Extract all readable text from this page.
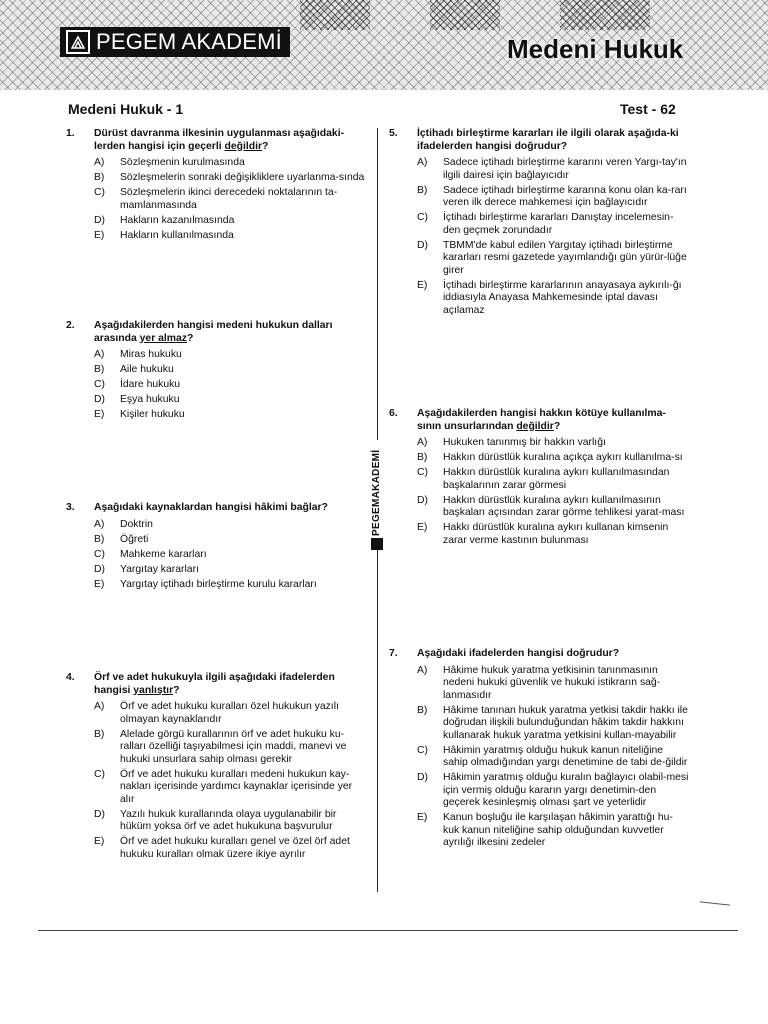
PEGEM AKADEMİ	Medeni Hukuk
Medeni Hukuk - 1	Test - 62
PEGEMAKADEMİ
1.	Dürüst davranma ilkesinin uygulanması aşağıdaki-lerden hangisi için geçerli değildir?
A)	Sözleşmenin kurulmasında
B)	Sözleşmelerin sonraki değişikliklere uyarlanma-sında
C)	Sözleşmelerin ikinci derecedeki noktalarının ta-mamlanmasında
D)	Hakların kazanılmasında
E)	Hakların kullanılmasında
2.	Aşağıdakilerden hangisi medeni hukukun dalları arasında yer almaz?
A)	Miras hukuku
B)	Aile hukuku
C)	İdare hukuku
D)	Eşya hukuku
E)	Kişiler hukuku
3.	Aşağıdaki kaynaklardan hangisi hâkimi bağlar?
A)	Doktrin
B)	Öğreti
C)	Mahkeme kararları
D)	Yargıtay kararları
E)	Yargıtay içtihadı birleştirme kurulu kararları
4.	Örf ve adet hukukuyla ilgili aşağıdaki ifadelerden hangisi yanlıştır?
A)	Örf ve adet hukuku kuralları özel hukukun yazılı olmayan kaynaklarıdır
B)	Alelade görgü kurallarının örf ve adet hukuku ku-ralları özelliği taşıyabilmesi için maddi, manevi ve hukuki unsurlara sahip olması gerekir
C)	Örf ve adet hukuku kuralları medeni hukukun kay-nakları içerisinde yardımcı kaynaklar içerisinde yer alır
D)	Yazılı hukuk kurallarında olaya uygulanabilir bir hüküm yoksa örf ve adet hukukuna başvurulur
E)	Örf ve adet hukuku kuralları genel ve özel örf adet hukuku kuralları olmak üzere ikiye ayrılır
5.	İçtihadı birleştirme kararları ile ilgili olarak aşağıda-ki ifadelerden hangisi doğrudur?
A)	Sadece içtihadı birleştirme kararını veren Yargı-tay'ın ilgili dairesi için bağlayıcıdır
B)	Sadece içtihadı birleştirme kararına konu olan ka-rarı veren ilk derece mahkemesi için bağlayıcıdır
C)	İçtihadı birleştirme kararları Danıştay incelemesin-den geçmek zorundadır
D)	TBMM'de kabul edilen Yargıtay içtihadı birleştirme kararları resmi gazetede yayımlandığı gün yürür-lüğe girer
E)	İçtihadı birleştirme kararlarının anayasaya aykırılı-ğı iddiasıyla Anayasa Mahkemesinde iptal davası açılamaz
6.	Aşağıdakilerden hangisi hakkın kötüye kullanılma-sının unsurlarından değildir?
A)	Hukuken tanınmış bir hakkın varlığı
B)	Hakkın dürüstlük kuralına açıkça aykırı kullanılma-sı
C)	Hakkın dürüstlük kuralına aykırı kullanılmasından başkalarının zarar görmesi
D)	Hakkın dürüstlük kuralına aykırı kullanılmasının başkaları açısından zarar görme tehlikesi yarat-ması
E)	Hakkı dürüstlük kuralına aykırı kullanan kimsenin zarar verme kastının bulunması
7.	Aşağıdaki ifadelerden hangisi doğrudur?
A)	Hâkime hukuk yaratma yetkisinin tanınmasının nedeni hukuki güvenlik ve hukuki istikrarın sağ-lanmasıdır
B)	Hâkime tanınan hukuk yaratma yetkisi takdir hakkı ile doğrudan ilişkili bulunduğundan hâkim takdir hakkını kullanarak hukuk yaratma yetkisini kullan-mayabilir
C)	Hâkimin yaratmış olduğu hukuk kanun niteliğine sahip olmadığından yargı denetimine de tabi de-ğildir
D)	Hâkimin yaratmış olduğu kuralın bağlayıcı olabil-mesi için vermiş olduğu kararın yargı denetimin-den geçerek kesinleşmiş olması şart ve yeterlidir
E)	Kanun boşluğu ile karşılaşan hâkimin yarattığı hu-kuk kanun niteliğine sahip olduğundan kuvvetler ayrılığı ilkesini zedeler
